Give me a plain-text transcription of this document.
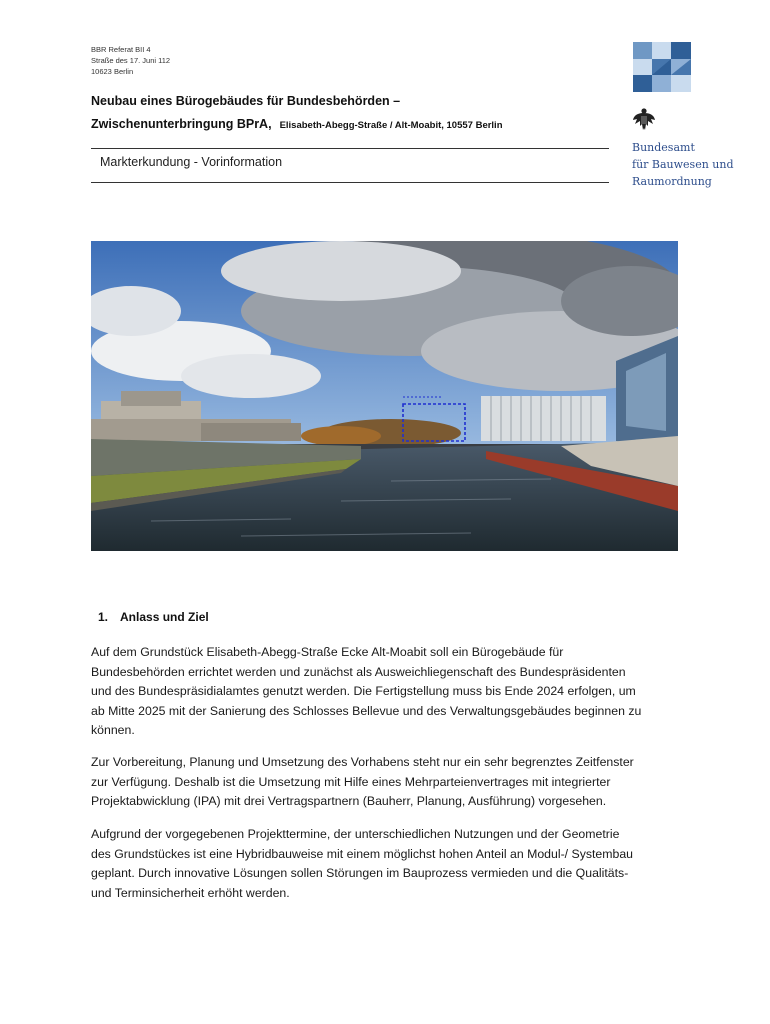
BBR Referat BII 4
Straße des 17. Juni 112
10623 Berlin
Bundesamt
für Bauwesen und
Raumordnung
Neubau eines Bürogebäudes für Bundesbehörden –
Zwischenunterbringung BPrA, Elisabeth-Abegg-Straße / Alt-Moabit, 10557 Berlin
Markterkundung - Vorinformation
1. Anlass und Ziel
Auf dem Grundstück Elisabeth-Abegg-Straße Ecke Alt-Moabit soll ein Bürogebäude für
Bundesbehörden errichtet werden und zunächst als Ausweichliegenschaft des Bundespräsidenten
und des Bundespräsidialamtes genutzt werden. Die Fertigstellung muss bis Ende 2024 erfolgen, um
ab Mitte 2025 mit der Sanierung des Schlosses Bellevue und des Verwaltungsgebäudes beginnen zu
können.
Zur Vorbereitung, Planung und Umsetzung des Vorhabens steht nur ein sehr begrenztes Zeitfenster
zur Verfügung. Deshalb ist die Umsetzung mit Hilfe eines Mehrparteienvertrages mit integrierter
Projektabwicklung (IPA) mit drei Vertragspartnern (Bauherr, Planung, Ausführung) vorgesehen.
Aufgrund der vorgegebenen Projekttermine, der unterschiedlichen Nutzungen und der Geometrie
des Grundstückes ist eine Hybridbauweise mit einem möglichst hohen Anteil an Modul-/ Systembau
geplant. Durch innovative Lösungen sollen Störungen im Bauprozess vermieden und die Qualitäts-
und Terminsicherheit erhöht werden.
